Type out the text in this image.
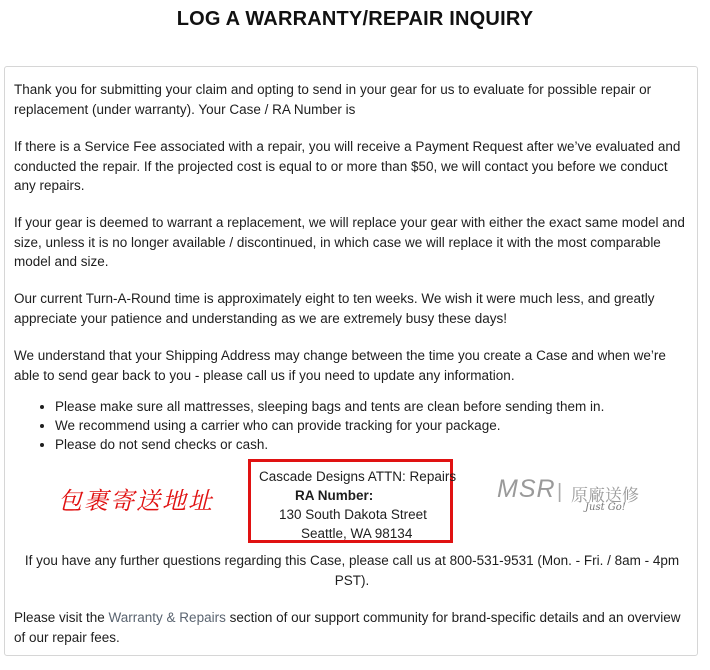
LOG A WARRANTY/REPAIR INQUIRY
Thank you for submitting your claim and opting to send in your gear for us to evaluate for possible repair or replacement (under warranty). Your Case / RA Number is
If there is a Service Fee associated with a repair, you will receive a Payment Request after we’ve evaluated and conducted the repair. If the projected cost is equal to or more than $50, we will contact you before we conduct any repairs.
If your gear is deemed to warrant a replacement, we will replace your gear with either the exact same model and size, unless it is no longer available / discontinued, in which case we will replace it with the most comparable model and size.
Our current Turn-A-Round time is approximately eight to ten weeks. We wish it were much less, and greatly appreciate your patience and understanding as we are extremely busy these days!
We understand that your Shipping Address may change between the time you create a Case and when we’re able to send gear back to you - please call us if you need to update any information.
• Please make sure all mattresses, sleeping bags and tents are clean before sending them in.
• We recommend using a carrier who can provide tracking for your package.
• Please do not send checks or cash.
包裹寄送地址
Cascade Designs ATTN: Repairs
RA Number:
130 South Dakota Street
Seattle, WA 98134
MSR | 原廠送修
Just Go!
If you have any further questions regarding this Case, please call us at 800-531-9531 (Mon. - Fri. / 8am - 4pm PST).
Please visit the Warranty & Repairs section of our support community for brand-specific details and an overview of our repair fees.
